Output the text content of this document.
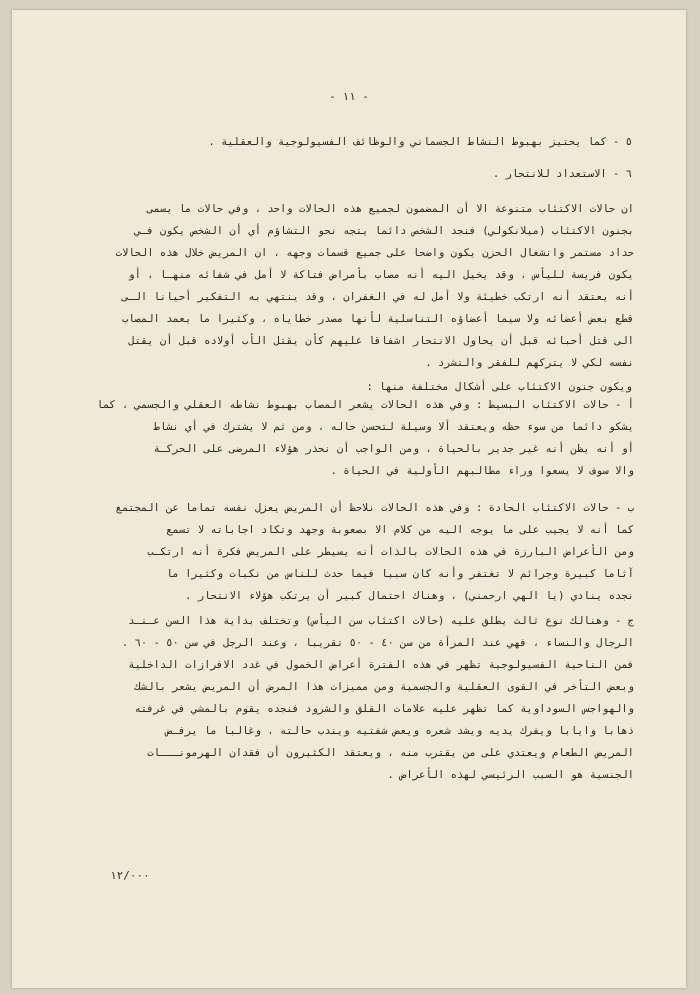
- ١١ -
٥ - كما يحتيز بهبوط النشاط الجسماني والوظائف الفسيولوجية والعقلية .
٦ - الاستعداد للانتحار .
ان حالات الاكتئاب متنوعة الا أن المضمون لجميع هذه الحالات واحد ، وفي حالات ما يسمى
بجنون الاكتئاب (ميلانكولي) فنجد الشخص دائما يتجه نحو التشاؤم أي أن الشخص يكون فـي
حداد مستمر وانشغال الحزن يكون واضحا على جميع قسمات وجهه ، ان المريض خلال هذه الحالات
يكون فريسة لليأس ، وقد يخيل اليه أنه مصاب بأمراض فتاكة لا أمل في شفائه منهـا ، أو
أنه يعتقد أنه ارتكب خطيئة ولا أمل له في الغفران ، وقد ينتهي به التفكير أحيانا الـى
قطع بعض أعضائه ولا سيما أعضاؤه التناسلية لأنها مصدر خطاياه ، وكثيرا ما يعمد المصاب
الى قتل أحبائه قبل أن يحاول الانتحار اشفاقا عليهم كأن يقتل الأب أولاده قبل أن يقتل
نفسه لكي لا يتركهم للفقر والتشرد .
ويكون جنون الاكتئاب على أشكال مختلفة منها :
أ - حالات الاكتئاب البسيط : وفي هذه الحالات يشعر المصاب بهبوط نشاطه العقلي والجسمي ، كما
يشكو دائما من سوء حظه ويعتقد ألا وسيلة لتحسن حاله ، ومن ثم لا يشترك في أي نشاط
أو أنه يظن أنه غير جدير بالحياة ، ومن الواجب أن نحذر هؤلاء المرضى على الحركـة
والا سوف لا يسعوا وراء مطالبهم الأولية في الحياة .
ب - حالات الاكتئاب الحادة : وفي هذه الحالات نلاحظ أن المريض يعزل نفسه تماما عن المجتمع
كما أنه لا يجيب على ما يوجه اليه من كلام الا بصعوبة وجهد وتكاد اجاباته لا تسمع
ومن الأعراض البارزة في هذه الحالات بالذات أنه يسيطر على المريض فكرة أنه ارتكـب
آثاما كبيرة وجرائم لا تغتفر وأنه كان سببا فيما حدث للناس من نكبات وكثيرا ما
نجده ينادي (يا الهي ارحمني) ، وهناك احتمال كبير أن يرتكب هؤلاء الانتحار .
ج - وهنالك نوع ثالث يطلق عليه (حالات اكتئاب سن اليأس) وتختلف بداية هذا السن عـنـد
الرجال والنساء ، فهي عند المرأة من سن ٤٠ - ٥٠ تقريبا ، وعند الرجل في سن ٥٠ - ٦٠ .
فمن الناحية الفسيولوجية تظهر في هذه الفترة أعراض الخمول في غدد الافرازات الداخلية
وبعض التأخر في القوى العقلية والجسمية ومن مميزات هذا المرض أن المريض يشعر بالشك
والهواجس السوداوية كما تظهر عليه علامات القلق والشرود فنجده يقوم بالمشي في غرفته
ذهابا وايابا ويفرك يديه ويشد شعره ويعض شفتيه ويندب حالته ، وغالبا ما يرفـض
المريض الطعام ويعتدي على من يقترب منه ، ويعتقد الكثيرون أن فقدان الهرمونـــات
الجنسية هو السبب الرئيسي لهذه الأعراض .
١٢/٠٠٠
